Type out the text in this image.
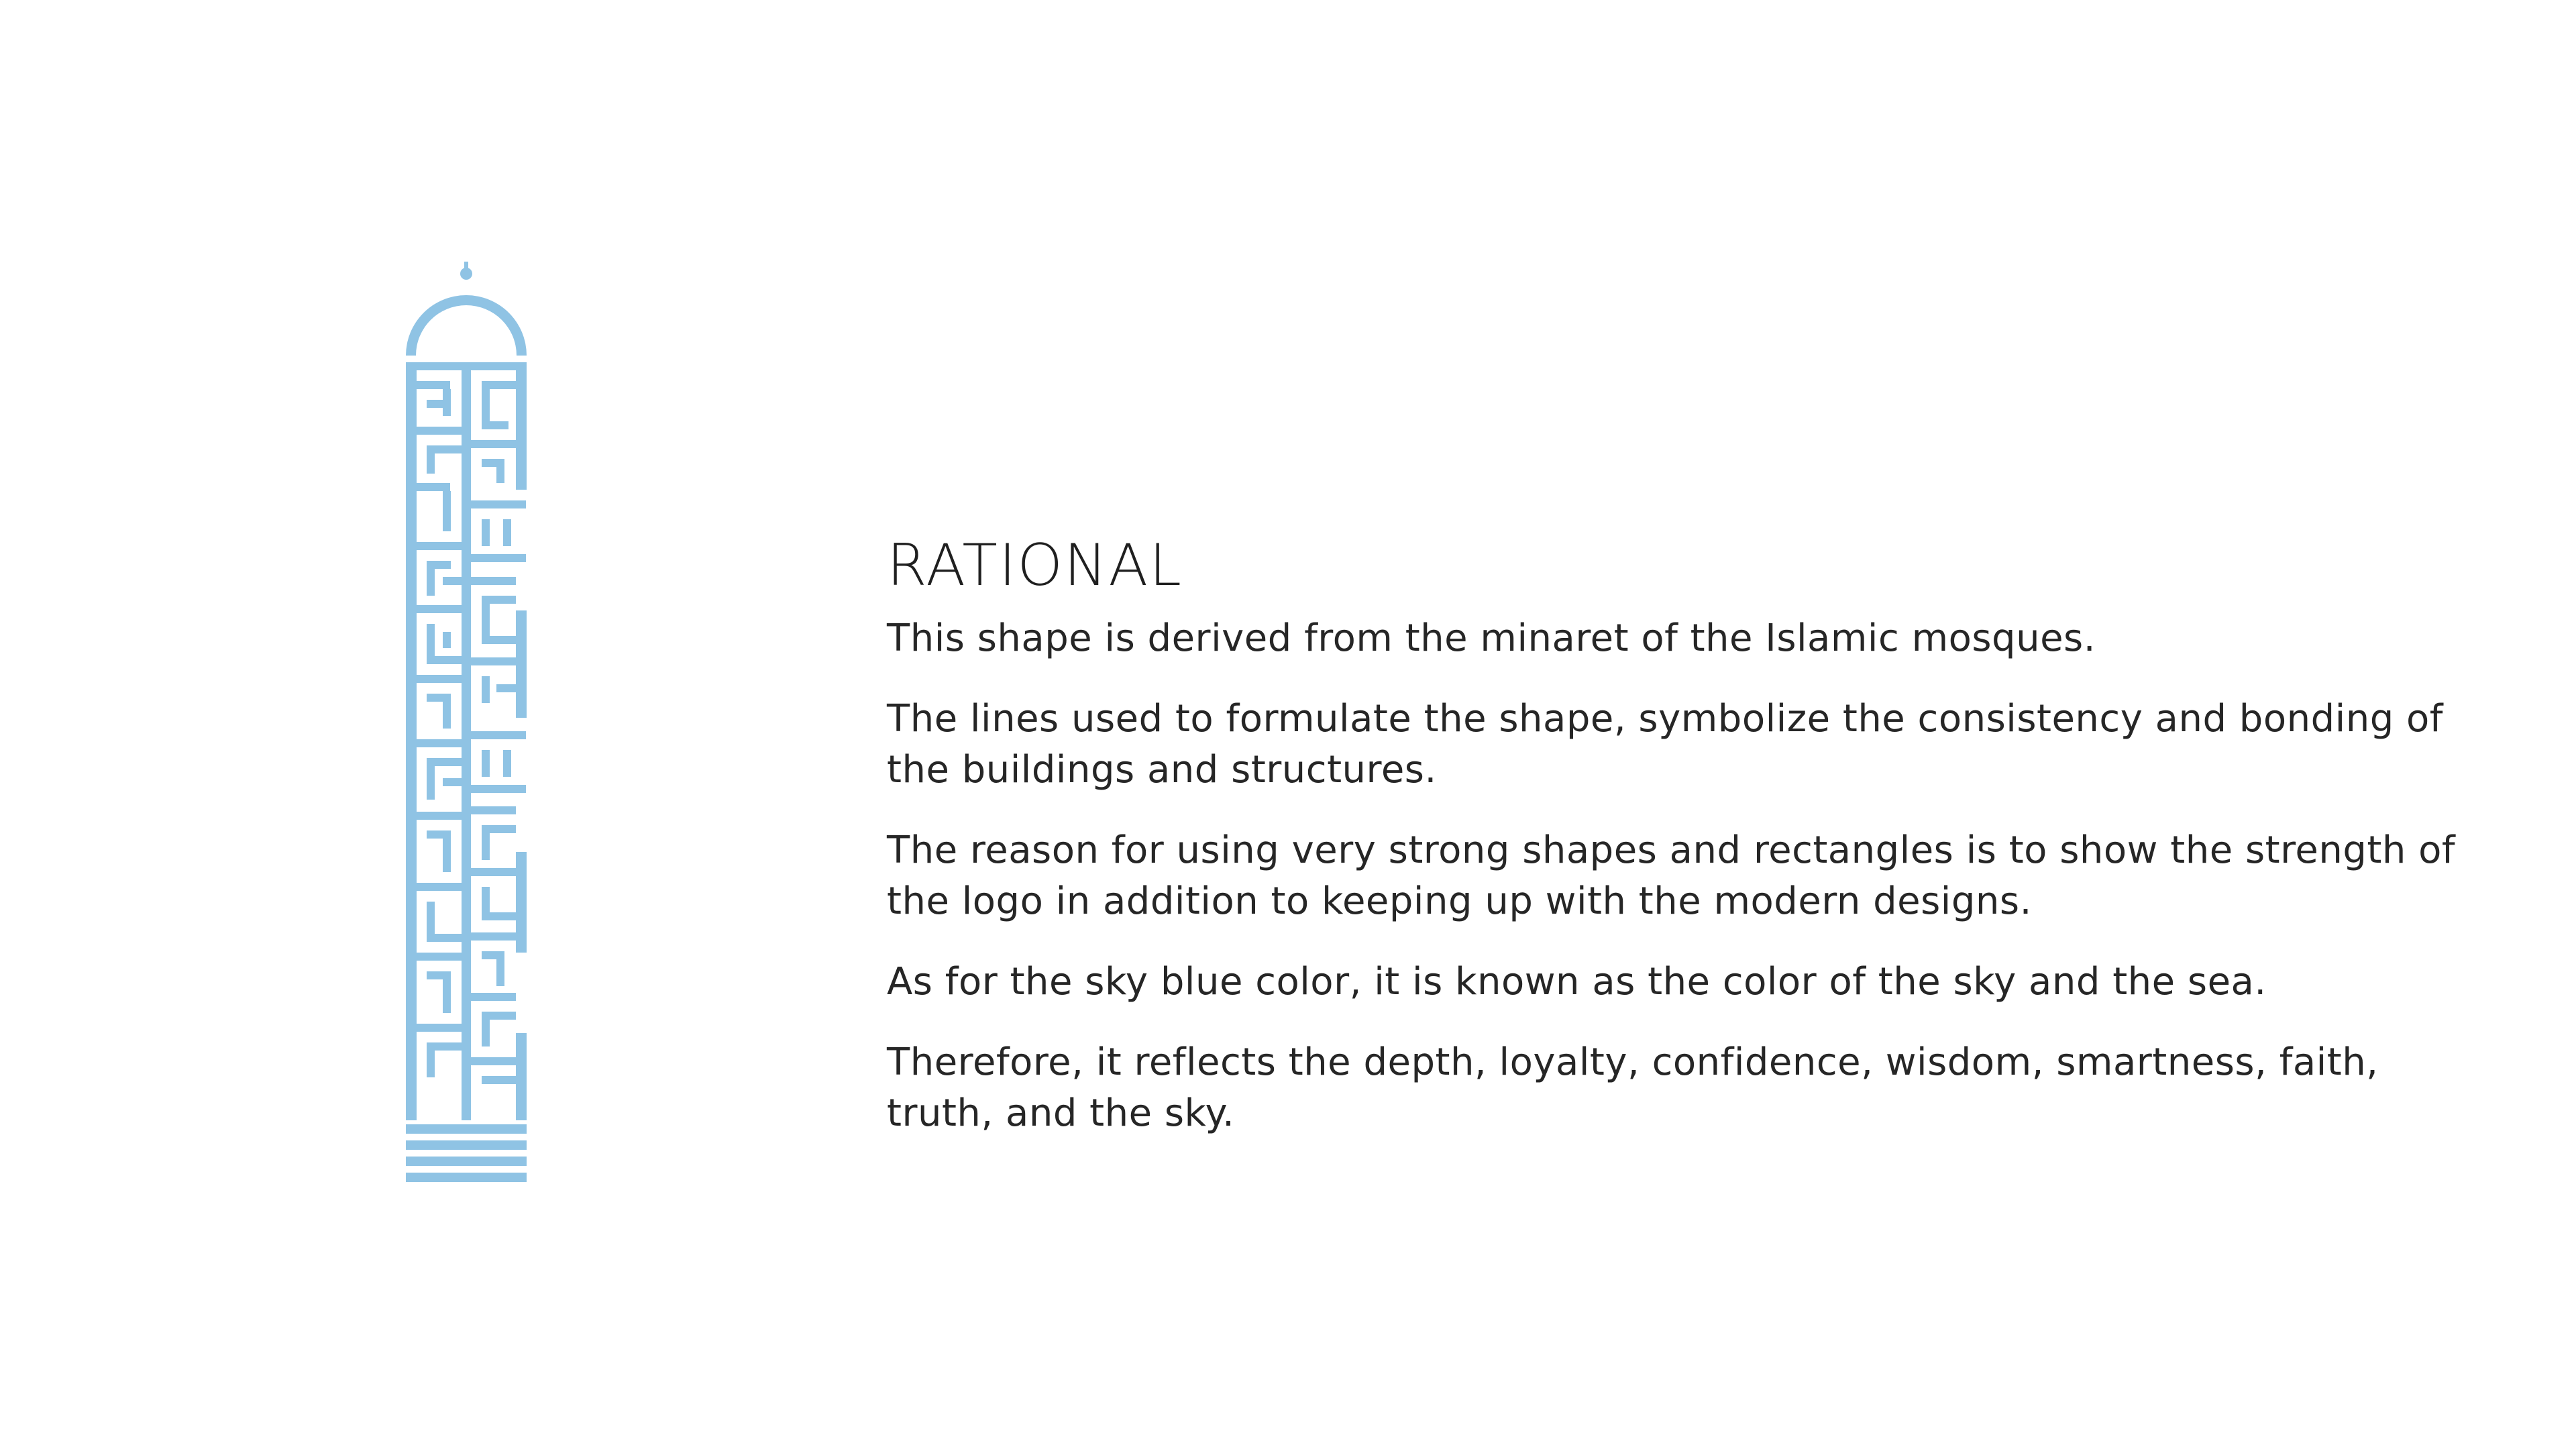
RATIONAL

This shape is derived from the minaret of the Islamic mosques.

The lines used to formulate the shape, symbolize the consistency and bonding of the buildings and structures.

The reason for using very strong shapes and rectangles is to show the strength of the logo in addition to keeping up with the modern designs.

As for the sky blue color, it is known as the color of the sky and the sea.

Therefore, it reflects the depth, loyalty, confidence, wisdom, smartness, faith, truth, and the sky.
